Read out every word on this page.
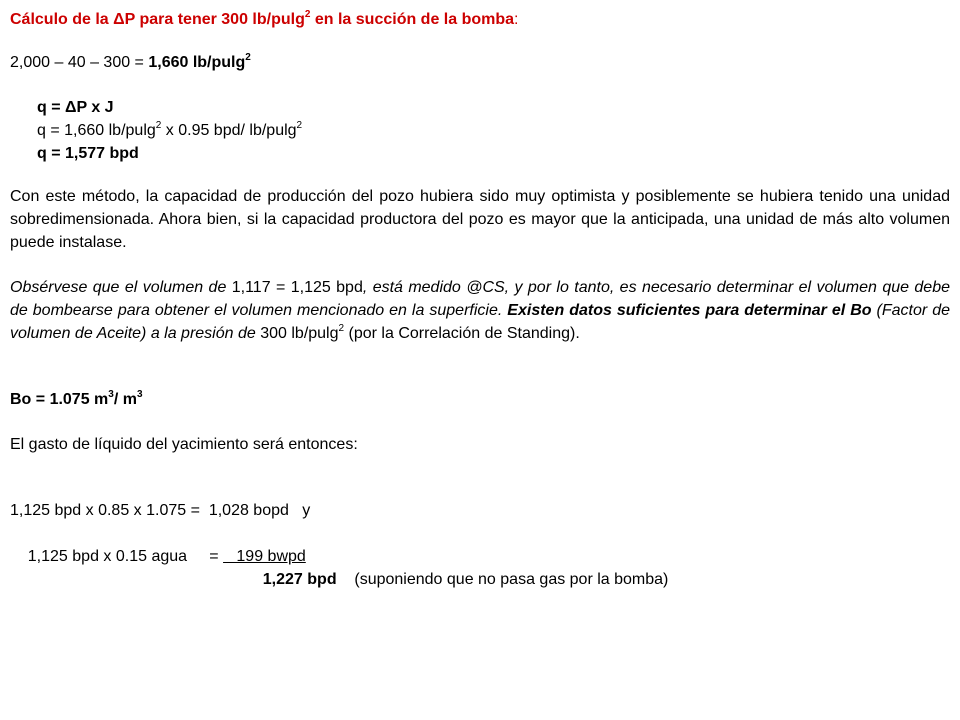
Cálculo de la ΔP para tener 300 lb/pulg$^2$ en la succión de la bomba:
2,000 – 40 – 300 = 1,660 lb/pulg$^2$
q = ΔP x J
q = 1,660 lb/pulg$^2$ x 0.95 bpd/ lb/pulg$^2$
q = 1,577 bpd
Con este método, la capacidad de producción del pozo hubiera sido muy optimista y posiblemente se hubiera tenido una unidad sobredimensionada. Ahora bien, si la capacidad productora del pozo es mayor que la anticipada, una unidad de más alto volumen puede instalase.
Obsérvese que el volumen de 1,117 = 1,125 bpd, está medido @CS, y por lo tanto, es necesario determinar el volumen que debe de bombearse para obtener el volumen mencionado en la superficie. Existen datos suficientes para determinar el Bo (Factor de volumen de Aceite) a la presión de 300 lb/pulg$^2$ (por la Correlación de Standing).
Bo = 1.075 $m^3/$ $m^3$
El gasto de líquido del yacimiento será entonces:
1,125 bpd x 0.85 x 1.075 =  1,028 bopd   y

1,125 bpd x 0.15 agua     =    199 bwpd

1,227 bpd (suponiendo que no pasa gas por la bomba)
